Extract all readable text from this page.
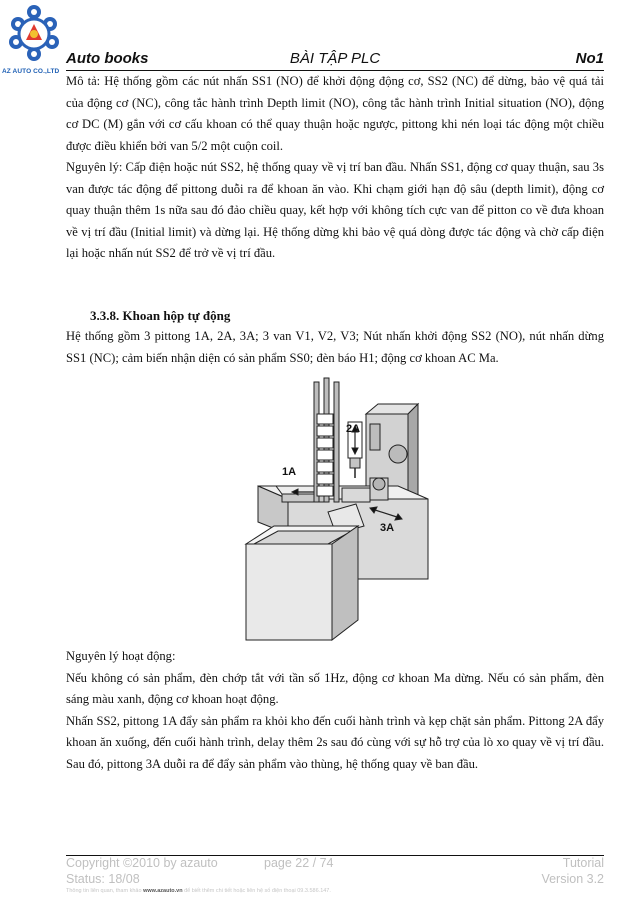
AZ AUTO CO.,LTD
Auto books	BÀI TẬP PLC	No1

Mô tả: Hệ thống gồm các nút nhấn SS1 (NO) để khởi động động cơ, SS2 (NC) để dừng, bảo vệ quá tải của động cơ (NC), công tắc hành trình Depth limit (NO), công tắc hành trình Initial situation (NO), động cơ DC (M) gắn với cơ cấu khoan có thể quay thuận hoặc ngược, pittong khi nén loại tác động một chiều được điều khiển bởi van 5/2 một cuộn coil.

Nguyên lý: Cấp điện hoặc nút SS2, hệ thống quay về vị trí ban đầu. Nhấn SS1, động cơ quay thuận, sau 3s van được tác động để pittong duỗi ra để khoan ăn vào. Khi chạm giới hạn độ sâu (depth limit), động cơ quay thuận thêm 1s nữa sau đó đảo chiều quay, kết hợp với không tích cực van để pitton co về đưa khoan về vị trí đầu (Initial limit) và dừng lại. Hệ thống dừng khi bảo vệ quá dòng được tác động và chờ cấp điện lại hoặc nhấn nút SS2 để trở về vị trí đầu.

3.3.8. Khoan hộp tự động
Hệ thống gồm 3 pittong 1A, 2A, 3A; 3 van V1, V2, V3; Nút nhấn khởi động SS2 (NO), nút nhấn dừng SS1 (NC); cảm biến nhận diện có sản phẩm SS0; đèn báo H1; động cơ khoan AC Ma.
1A
2A
3A

Nguyên lý hoạt động:

Nếu không có sản phẩm, đèn chớp tắt với tần số 1Hz, động cơ khoan Ma dừng. Nếu có sản phẩm, đèn sáng màu xanh, động cơ khoan hoạt động.

Nhấn SS2, pittong 1A đẩy sản phẩm ra khỏi kho đến cuối hành trình và kẹp chặt sản phẩm. Pittong 2A đẩy khoan ăn xuống, đến cuối hành trình, delay thêm 2s sau đó cùng với sự hỗ trợ của lò xo quay về vị trí đầu. Sau đó, pittong 3A duỗi ra để đẩy sản phẩm vào thùng, hệ thống quay về ban đầu.

Copyright ©2010 by azauto	page 22 / 74	Tutorial
Status: 18/08	Version 3.2
Thông tin liên quan, tham khảo www.azauto.vn để biết thêm chi tiết hoặc liên hệ số điện thoại 09.3.586.147.
